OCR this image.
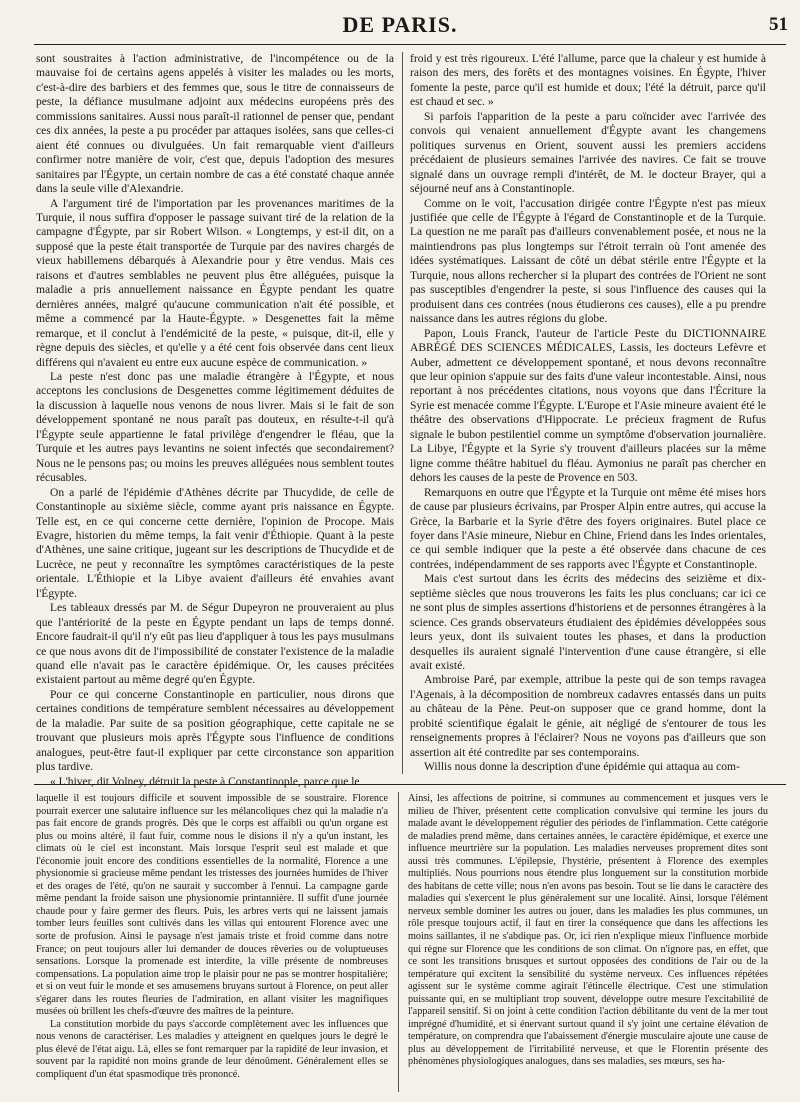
DE PARIS.	51

sont soustraites à l'action administrative, de l'incompétence ou de la mauvaise foi de certains agens appelés à visiter les malades ou les morts, c'est-à-dire des barbiers et des femmes que, sous le titre de connaisseurs de peste, la défiance musulmane adjoint aux médecins européens près des commissions sanitaires. Aussi nous paraît-il rationnel de penser que, pendant ces dix années, la peste a pu procéder par attaques isolées, sans que celles-ci aient été connues ou divulguées. Un fait remarquable vient d'ailleurs confirmer notre manière de voir, c'est que, depuis l'adoption des mesures sanitaires par l'Égypte, un certain nombre de cas a été constaté chaque année dans la seule ville d'Alexandrie.

A l'argument tiré de l'importation par les provenances maritimes de la Turquie, il nous suffira d'opposer le passage suivant tiré de la relation de la campagne d'Égypte, par sir Robert Wilson. « Longtemps, y est-il dit, on a supposé que la peste était transportée de Turquie par des navires chargés de vieux habillemens débarqués à Alexandrie pour y être vendus. Mais ces raisons et d'autres semblables ne peuvent plus être alléguées, puisque la maladie a pris annuellement naissance en Égypte pendant les quatre dernières années, malgré qu'aucune communication n'ait été possible, et même a commencé par la Haute-Égypte. » Desgenettes fait la même remarque, et il conclut à l'endémicité de la peste, « puisque, dit-il, elle y règne depuis des siècles, et qu'elle y a été cent fois observée dans cent lieux différens qui n'avaient eu entre eux aucune espèce de communication. »

La peste n'est donc pas une maladie étrangère à l'Égypte, et nous acceptons les conclusions de Desgenettes comme légitimement déduites de la discussion à laquelle nous venons de nous livrer. Mais si le fait de son développement spontané ne nous paraît pas douteux, en résulte-t-il qu'à l'Égypte seule appartienne le fatal privilège d'engendrer le fléau, que la Turquie et les autres pays levantins ne soient infectés que secondairement? Nous ne le pensons pas; ou moins les preuves alléguées nous semblent toutes récusables.

On a parlé de l'épidémie d'Athènes décrite par Thucydide, de celle de Constantinople au sixième siècle, comme ayant pris naissance en Égypte. Telle est, en ce qui concerne cette dernière, l'opinion de Procope. Mais Evagre, historien du même temps, la fait venir d'Éthiopie. Quant à la peste d'Athènes, une saine critique, jugeant sur les descriptions de Thucydide et de Lucrèce, ne peut y reconnaître les symptômes caractéristiques de la peste orientale. L'Éthiopie et la Libye avaient d'ailleurs été envahies avant l'Égypte.

Les tableaux dressés par M. de Ségur Dupeyron ne prouveraient au plus que l'antériorité de la peste en Égypte pendant un laps de temps donné. Encore faudrait-il qu'il n'y eût pas lieu d'appliquer à tous les pays musulmans ce que nous avons dit de l'impossibilité de constater l'existence de la maladie quand elle n'avait pas le caractère épidémique. Or, les causes précitées existaient partout au même degré qu'en Égypte.

Pour ce qui concerne Constantinople en particulier, nous dirons que certaines conditions de température semblent nécessaires au développement de la maladie. Par suite de sa position géographique, cette capitale ne se trouvant que plusieurs mois après l'Égypte sous l'influence de conditions analogues, peut-être faut-il expliquer par cette circonstance son apparition plus tardive.

« L'hiver, dit Volney, détruit la peste à Constantinople, parce que le

froid y est très rigoureux. L'été l'allume, parce que la chaleur y est humide à raison des mers, des forêts et des montagnes voisines. En Égypte, l'hiver fomente la peste, parce qu'il est humide et doux; l'été la détruit, parce qu'il est chaud et sec. »

Si parfois l'apparition de la peste a paru coïncider avec l'arrivée des convois qui venaient annuellement d'Égypte avant les changemens politiques survenus en Orient, souvent aussi les premiers accidens précédaient de plusieurs semaines l'arrivée des navires. Ce fait se trouve signalé dans un ouvrage rempli d'intérêt, de M. le docteur Brayer, qui a séjourné neuf ans à Constantinople.

Comme on le voit, l'accusation dirigée contre l'Égypte n'est pas mieux justifiée que celle de l'Égypte à l'égard de Constantinople et de la Turquie. La question ne me paraît pas d'ailleurs convenablement posée, et nous ne la maintiendrons pas plus longtemps sur l'étroit terrain où l'ont amenée des idées systématiques. Laissant de côté un débat stérile entre l'Égypte et la Turquie, nous allons rechercher si la plupart des contrées de l'Orient ne sont pas susceptibles d'engendrer la peste, si sous l'influence des causes qui la produisent dans ces contrées (nous étudierons ces causes), elle a pu prendre naissance dans les autres régions du globe.

Papon, Louis Franck, l'auteur de l'article Peste du DICTIONNAIRE ABRÉGÉ DES SCIENCES MÉDICALES, Lassis, les docteurs Lefèvre et Auber, admettent ce développement spontané, et nous devons reconnaître que leur opinion s'appuie sur des faits d'une valeur incontestable. Ainsi, nous reportant à nos précédentes citations, nous voyons que dans l'Écriture la Syrie est menacée comme l'Égypte. L'Europe et l'Asie mineure avaient été le théâtre des observations d'Hippocrate. Le précieux fragment de Rufus signale le bubon pestilentiel comme un symptôme d'observation journalière. La Libye, l'Égypte et la Syrie s'y trouvent d'ailleurs placées sur la même ligne comme théâtre habituel du fléau. Aymonius ne paraît pas chercher en dehors les causes de la peste de Provence en 503.

Remarquons en outre que l'Égypte et la Turquie ont même été mises hors de cause par plusieurs écrivains, par Prosper Alpin entre autres, qui accuse la Grèce, la Barbarie et la Syrie d'être des foyers originaires. Butel place ce foyer dans l'Asie mineure, Niebur en Chine, Friend dans les Indes orientales, ce qui semble indiquer que la peste a été observée dans chacune de ces contrées, indépendamment de ses rapports avec l'Égypte et Constantinople.

Mais c'est surtout dans les écrits des médecins des seizième et dix-septième siècles que nous trouverons les faits les plus concluans; car ici ce ne sont plus de simples assertions d'historiens et de personnes étrangères à la science. Ces grands observateurs étudiaient des épidémies développées sous leurs yeux, dont ils suivaient toutes les phases, et dans la production desquelles ils auraient signalé l'intervention d'une cause étrangère, si elle avait existé.

Ambroise Paré, par exemple, attribue la peste qui de son temps ravagea l'Agenais, à la décomposition de nombreux cadavres entassés dans un puits au château de la Pène. Peut-on supposer que ce grand homme, dont la probité scientifique égalait le génie, ait négligé de s'entourer de tous les renseignements propres à l'éclairer? Nous ne voyons pas d'ailleurs que son assertion ait été contredite par ses contemporains.

Willis nous donne la description d'une épidémie qui attaqua au com-

laquelle il est toujours difficile et souvent impossible de se soustraire. Florence pourrait exercer une salutaire influence sur les mélancoliques chez qui la maladie n'a pas fait encore de grands progrès. Dès que le corps est affaibli ou qu'un organe est plus ou moins altéré, il faut fuir, comme nous le disions il n'y a qu'un instant, les climats où le ciel est inconstant. Mais lorsque l'esprit seul est malade et que l'économie jouit encore des conditions essentielles de la normalité, Florence a une physionomie si gracieuse même pendant les tristesses des journées humides de l'hiver et des orages de l'été, qu'on ne saurait y succomber à l'ennui. La campagne garde même pendant la froide saison une physionomie printannière. Il suffit d'une journée chaude pour y faire germer des fleurs. Puis, les arbres verts qui ne laissent jamais tomber leurs feuilles sont cultivés dans les villas qui entourent Florence avec une sorte de profusion. Ainsi le paysage n'est jamais triste et froid comme dans notre France; on peut toujours aller lui demander de douces rêveries ou de voluptueuses sensations. Lorsque la promenade est interdite, la ville présente de nombreuses compensations. La population aime trop le plaisir pour ne pas se montrer hospitalière; et si on veut fuir le monde et ses amusemens bruyans surtout à Florence, on peut aller s'égarer dans les routes fleuries de l'admiration, en allant visiter les magnifiques musées où brillent les chefs-d'œuvre des maîtres de la peinture.

La constitution morbide du pays s'accorde complètement avec les influences que nous venons de caractériser. Les maladies y atteignent en quelques jours le degré le plus élevé de l'état aigu. Là, elles se font remarquer par la rapidité de leur invasion, et souvent par la rapidité non moins grande de leur dénoûment. Généralement elles se compliquent d'un état spasmodique très prononcé.

Ainsi, les affections de poitrine, si communes au commencement et jusques vers le milieu de l'hiver, présentent cette complication convulsive qui termine les jours du malade avant le développement régulier des périodes de l'inflammation. Cette catégorie de maladies prend même, dans certaines années, le caractère épidémique, et exerce une influence meurtrière sur la population. Les maladies nerveuses proprement dites sont aussi très communes. L'épilepsie, l'hystérie, présentent à Florence des exemples multipliés. Nous pourrions nous étendre plus longuement sur la constitution morbide des habitans de cette ville; nous n'en avons pas besoin. Tout se lie dans le caractère des maladies qui s'exercent le plus généralement sur une localité. Ainsi, lorsque l'élément nerveux semble dominer les autres ou jouer, dans les maladies les plus communes, un rôle presque toujours actif, il faut en tirer la conséquence que dans les affections les moins saillantes, il ne s'abdique pas. Or, ici rien n'explique mieux l'influence morbide qui règne sur Florence que les conditions de son climat. On n'ignore pas, en effet, que ce sont les transitions brusques et surtout opposées des conditions de l'air ou de la température qui excitent la sensibilité du système nerveux. Ces influences répétées agissent sur le système comme agirait l'étincelle électrique. C'est une stimulation puissante qui, en se multipliant trop souvent, développe outre mesure l'excitabilité de l'appareil sensitif. Si on joint à cette condition l'action débilitante du vent de la mer tout imprégné d'humidité, et si énervant surtout quand il s'y joint une certaine élévation de température, on comprendra que l'abaissement d'énergie musculaire ajoute une cause de plus au développement de l'irritabilité nerveuse, et que le Florentin présente des phénomènes physiologiques analogues, dans ses maladies, ses mœurs, ses ha-
